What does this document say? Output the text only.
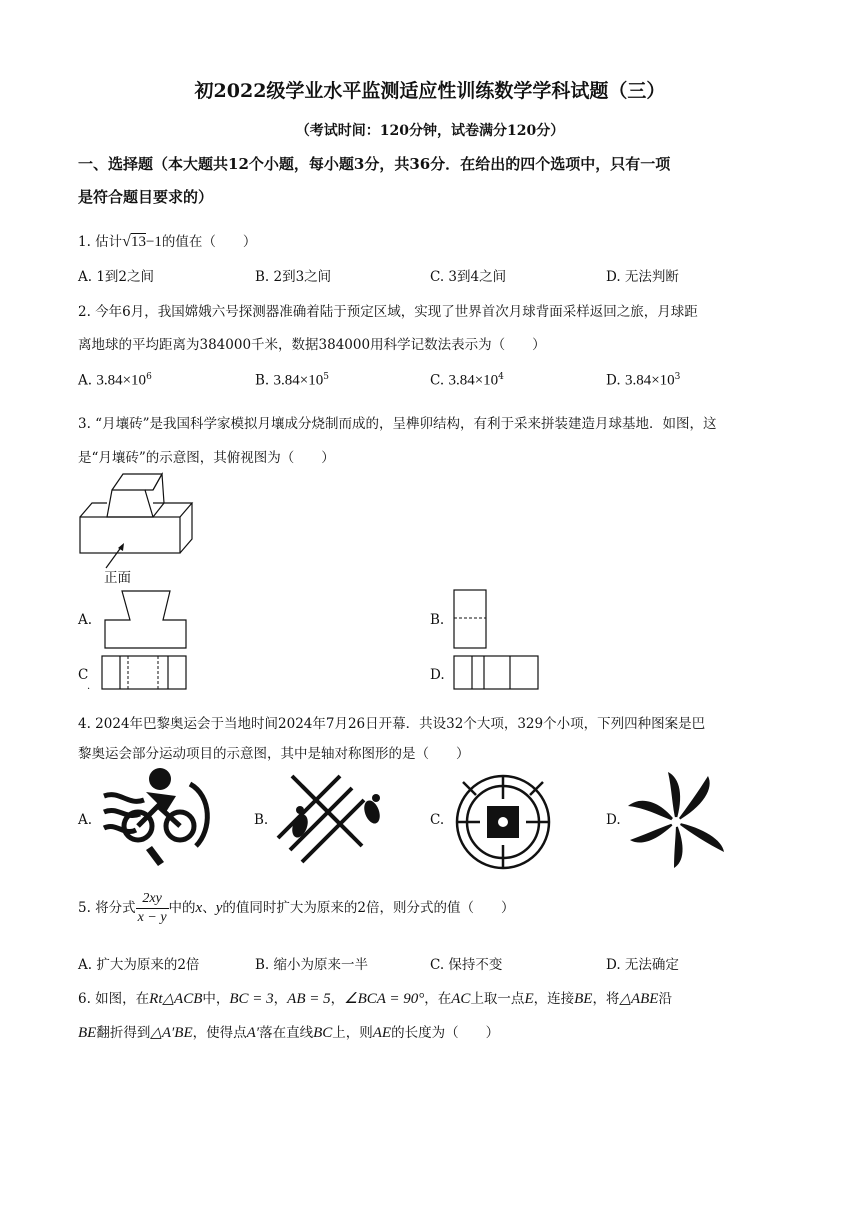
初2022级学业水平监测适应性训练数学学科试题（三）
（考试时间：120分钟，试卷满分120分）
一、选择题（本大题共12个小题，每小题3分，共36分．在给出的四个选项中，只有一项
是符合题目要求的）
1. 估计√13−1的值在（　　）
A. 1到2之间	B. 2到3之间	C. 3到4之间	D. 无法判断
2. 今年6月，我国嫦娥六号探测器准确着陆于预定区域，实现了世界首次月球背面采样返回之旅，月球距
离地球的平均距离为384000千米，数据384000用科学记数法表示为（　　）
A. $3.84\times 10^6$	B. $3.84\times 10^5$	C. $3.84\times 10^4$	D. $3.84\times 10^3$
3. “月壤砖”是我国科学家模拟月壤成分烧制而成的，呈榫卯结构，有利于采来拼装建造月球基地．如图，这
是“月壤砖”的示意图，其俯视图为（　　）
正面
A.	B.
C
.
D.
4. 2024年巴黎奥运会于当地时间2024年7月26日开幕．共设32个大项，329个小项，下列四种图案是巴
黎奥运会部分运动项目的示意图，其中是轴对称图形的是（　　）
A.	B.	C.	D.
5. 将分式 $\frac{2xy}{x - y}$ 中的x、y的值同时扩大为原来的2倍，则分式的值（　　）
A. 扩大为原来的2倍	B. 缩小为原来一半	C. 保持不变	D. 无法确定
6. 如图，在Rt△ACB中，BC = 3，AB = 5，∠BCA = 90°，在AC上取一点E，连接BE，将△ABE沿
BE翻折得到△A′BE，使得点A′落在直线BC上，则AE的长度为（　　）
